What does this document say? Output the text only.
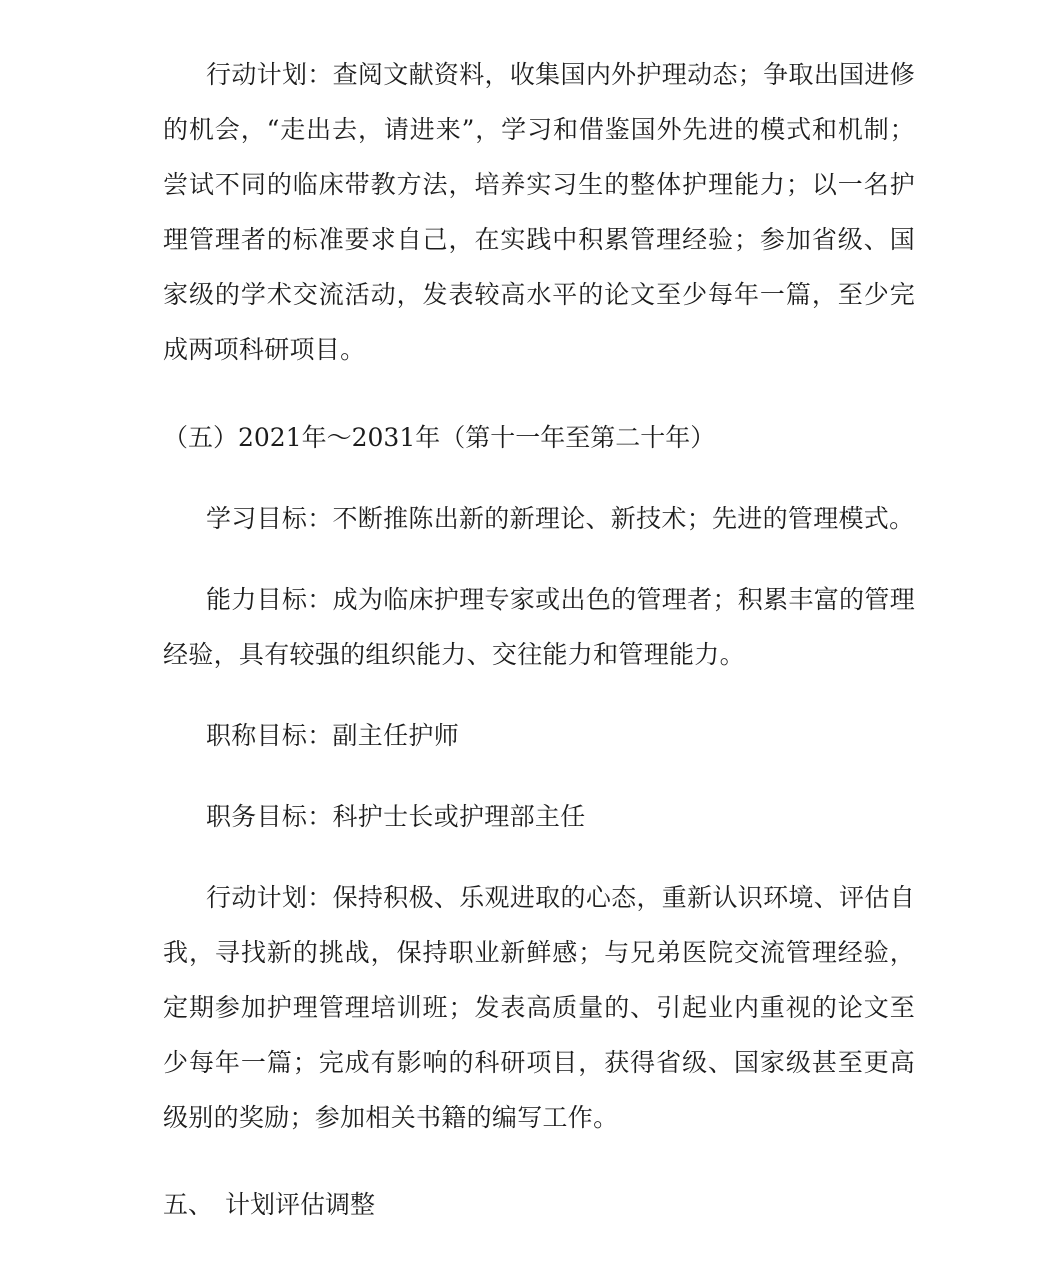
行动计划：查阅文献资料，收集国内外护理动态；争取出国进修的机会，“走出去，请进来”，学习和借鉴国外先进的模式和机制；尝试不同的临床带教方法，培养实习生的整体护理能力；以一名护理管理者的标准要求自己，在实践中积累管理经验；参加省级、国家级的学术交流活动，发表较高水平的论文至少每年一篇，至少完成两项科研项目。

（五）2021年～2031年（第十一年至第二十年）

学习目标：不断推陈出新的新理论、新技术；先进的管理模式。

能力目标：成为临床护理专家或出色的管理者；积累丰富的管理经验，具有较强的组织能力、交往能力和管理能力。

职称目标：副主任护师

职务目标：科护士长或护理部主任

行动计划：保持积极、乐观进取的心态，重新认识环境、评估自我，寻找新的挑战，保持职业新鲜感；与兄弟医院交流管理经验，定期参加护理管理培训班；发表高质量的、引起业内重视的论文至少每年一篇；完成有影响的科研项目，获得省级、国家级甚至更高级别的奖励；参加相关书籍的编写工作。

五、 计划评估调整
